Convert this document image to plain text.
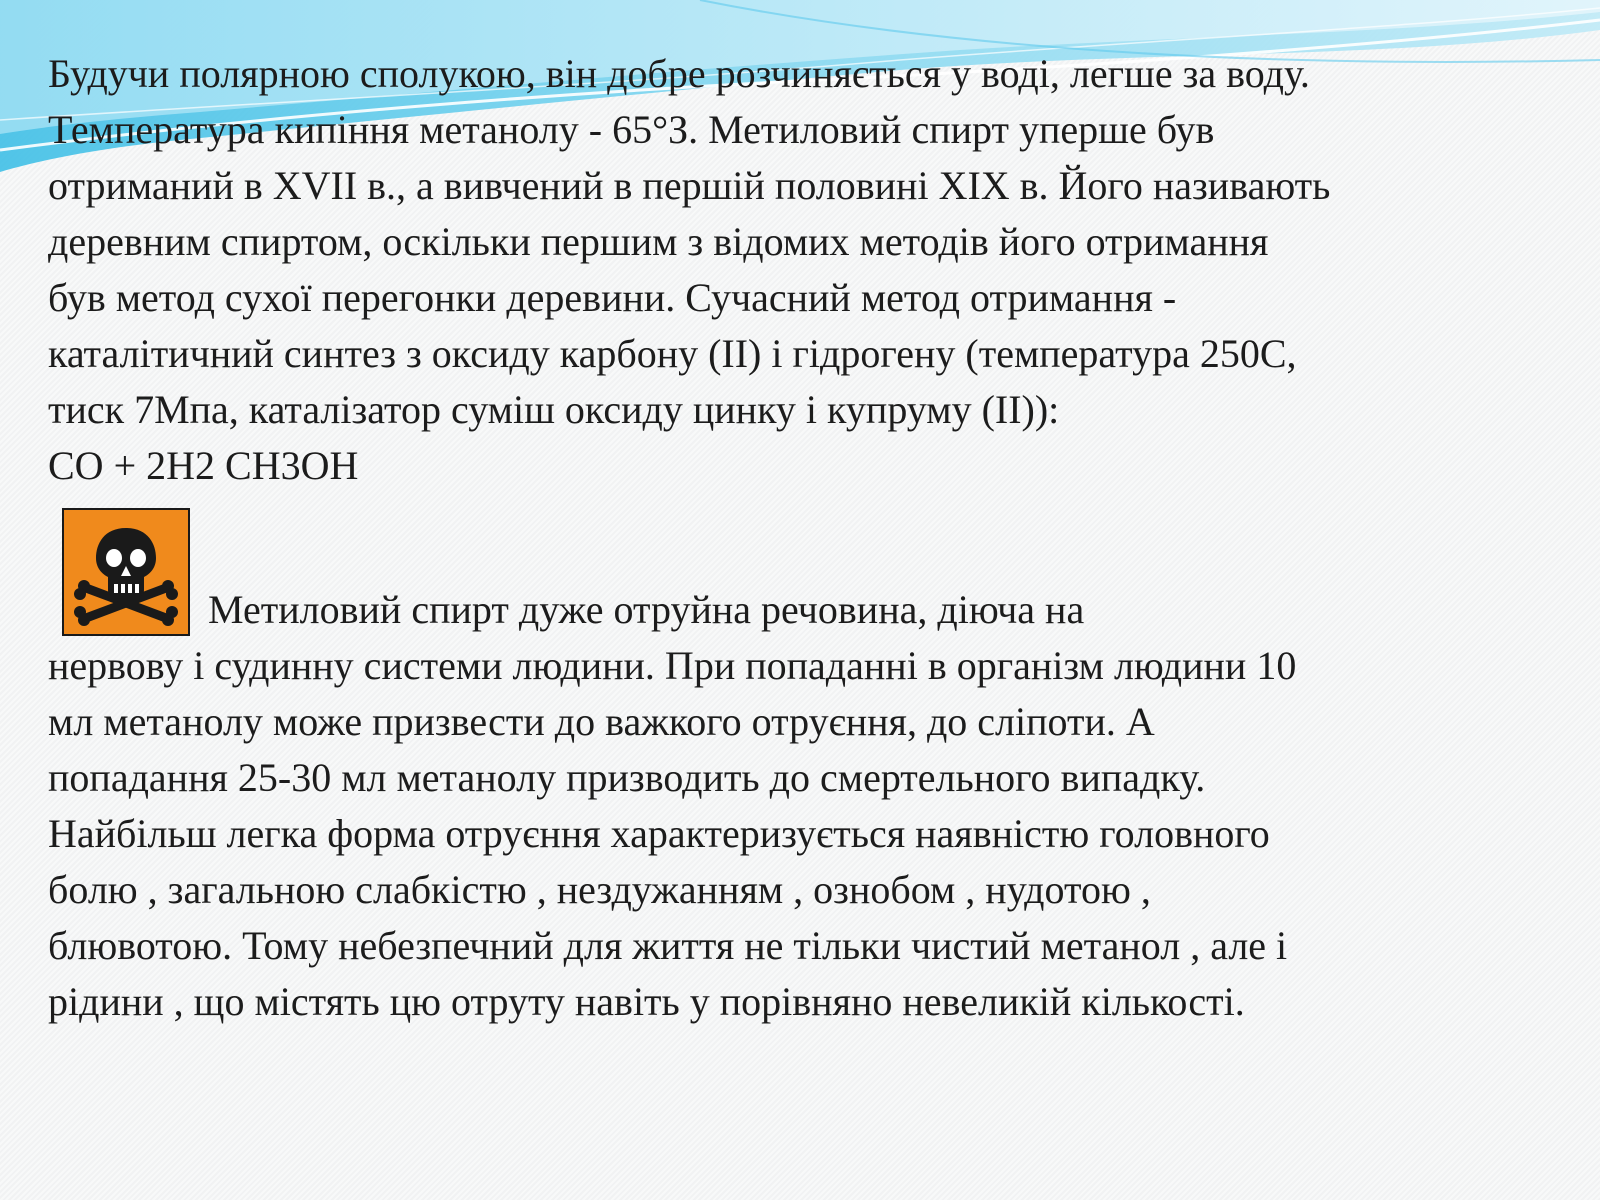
Будучи полярною сполукою, він добре розчиняється у воді, легше за воду.
Температура кипіння метанолу - 65°З. Метиловий спирт уперше був
отриманий в XVII в., а вивчений в першій половині XIX в. Його називають
деревним спиртом, оскільки першим з відомих методів його отримання
був метод сухої перегонки деревини. Сучасний метод отримання -
каталітичний синтез з оксиду карбону (II) і гідрогену (температура 250С,
тиск 7Мпа, каталізатор суміш оксиду цинку і купруму (II)):
CO + 2H2 CH3OH
Метиловий спирт дуже отруйна речовина, діюча на
нервову і судинну системи людини. При попаданні в організм людини 10
мл метанолу може призвести до важкого отруєння, до сліпоти. А
попадання 25-30 мл метанолу призводить до смертельного випадку.
Найбільш легка форма отруєння характеризується наявністю головного
болю , загальною слабкістю , нездужанням , ознобом , нудотою ,
блювотою. Тому небезпечний для життя не тільки чистий метанол , але і
рідини , що містять цю отруту навіть у порівняно невеликій кількості.
